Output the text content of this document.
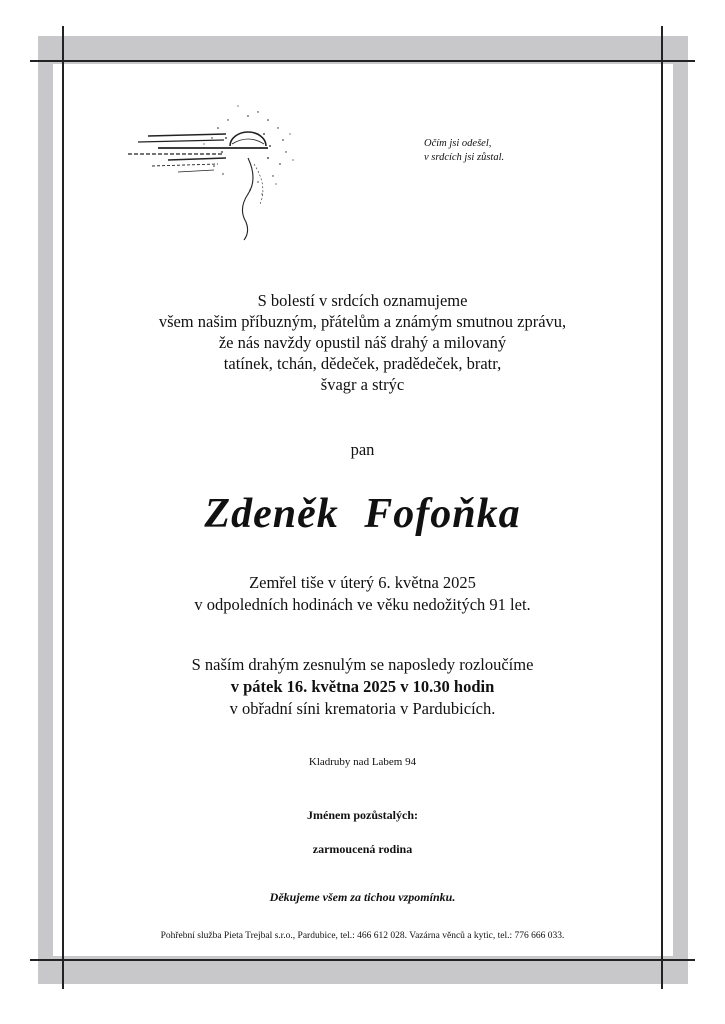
Očím jsi odešel,
v srdcích jsi zůstal.
S bolestí v srdcích oznamujeme
všem našim příbuzným, přátelům a známým smutnou zprávu,
že nás navždy opustil náš drahý a milovaný
tatínek, tchán, dědeček, pradědeček, bratr,
švagr a strýc
pan
Zdeněk Fofoňka
Zemřel tiše v úterý 6. května 2025
v odpoledních hodinách ve věku nedožitých 91 let.
S naším drahým zesnulým se naposledy rozloučíme
v pátek 16. května 2025 v 10.30 hodin
v obřadní síni krematoria v Pardubicích.
Kladruby nad Labem 94
Jménem pozůstalých:
zarmoucená rodina
Děkujeme všem za tichou vzpomínku.
Pohřební služba Pieta Trejbal s.r.o., Pardubice, tel.: 466 612 028. Vazárna věnců a kytic, tel.: 776 666 033.
